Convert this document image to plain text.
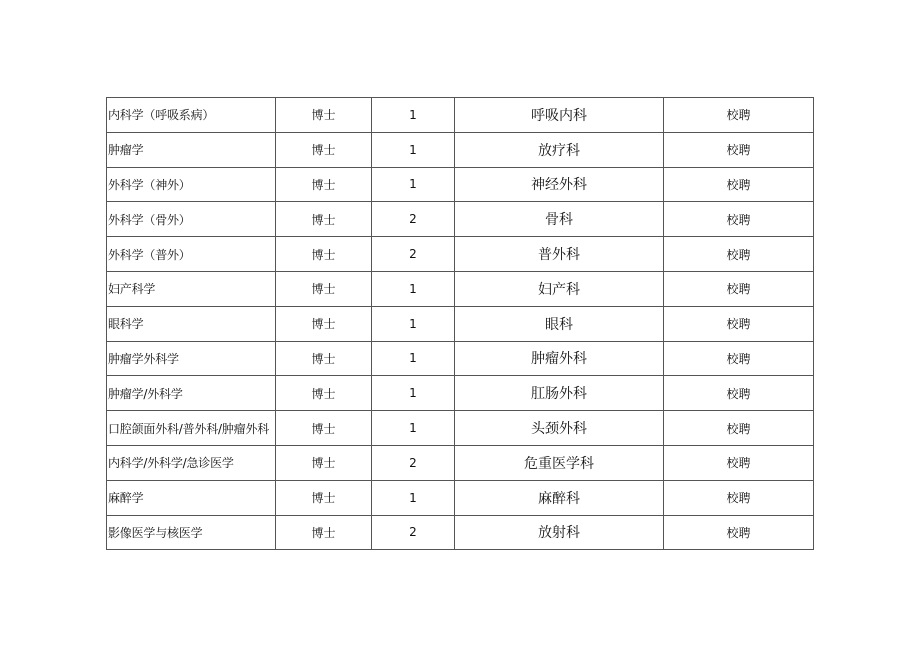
内科学（呼吸系病）	博士	1	呼吸内科	校聘
肿瘤学	博士	1	放疗科	校聘
外科学（神外）	博士	1	神经外科	校聘
外科学（骨外）	博士	2	骨科	校聘
外科学（普外）	博士	2	普外科	校聘
妇产科学	博士	1	妇产科	校聘
眼科学	博士	1	眼科	校聘
肿瘤学外科学	博士	1	肿瘤外科	校聘
肿瘤学/外科学	博士	1	肛肠外科	校聘
口腔颌面外科/普外科/肿瘤外科	博士	1	头颈外科	校聘
内科学/外科学/急诊医学	博士	2	危重医学科	校聘
麻醉学	博士	1	麻醉科	校聘
影像医学与核医学	博士	2	放射科	校聘
